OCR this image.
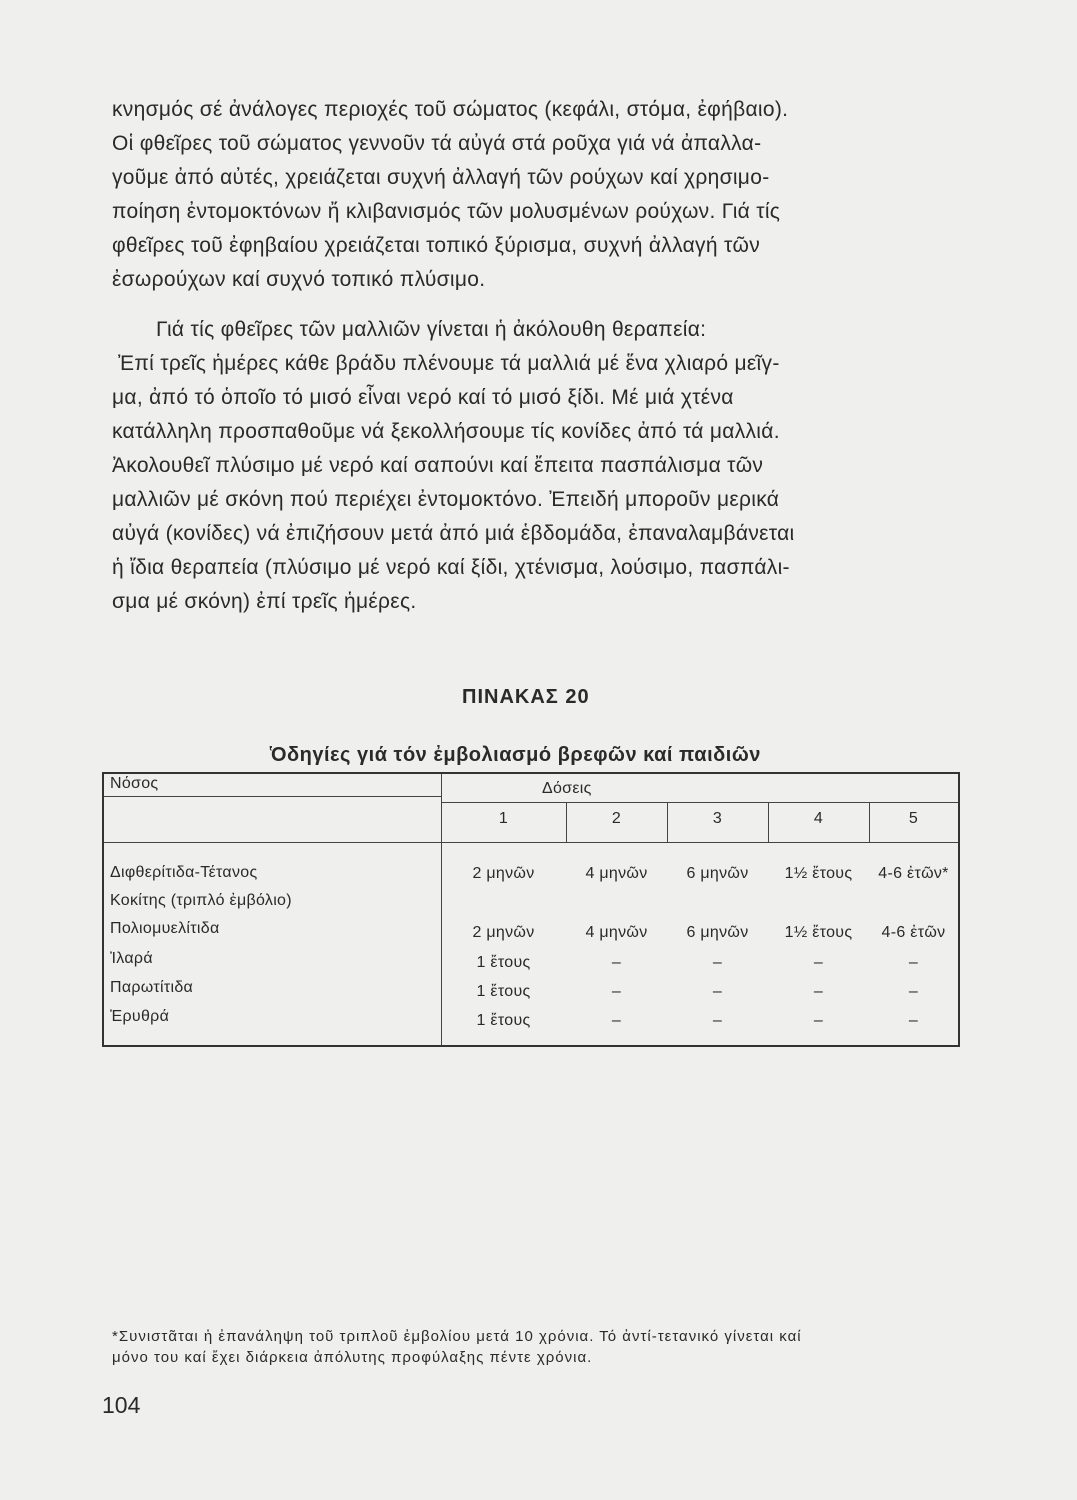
κνησμός σέ ἀνάλογες περιοχές τοῦ σώματος (κεφάλι, στόμα, ἐφήβαιο).
Οἱ φθεῖρες τοῦ σώματος γεννοῦν τά αὐγά στά ροῦχα γιά νά ἀπαλλα-
γοῦμε ἀπό αὐτές, χρειάζεται συχνή ἀλλαγή τῶν ρούχων καί χρησιμο-
ποίηση ἐντομοκτόνων ἤ κλιβανισμός τῶν μολυσμένων ρούχων. Γιά τίς
φθεῖρες τοῦ ἐφηβαίου χρειάζεται τοπικό ξύρισμα, συχνή ἀλλαγή τῶν
ἐσωρούχων καί συχνό τοπικό πλύσιμο.

Γιά τίς φθεῖρες τῶν μαλλιῶν γίνεται ἡ ἀκόλουθη θεραπεία:
Ἐπί τρεῖς ἡμέρες κάθε βράδυ πλένουμε τά μαλλιά μέ ἕνα χλιαρό μεῖγ-
μα, ἀπό τό ὁποῖο τό μισό εἶναι νερό καί τό μισό ξίδι. Μέ μιά χτένα
κατάλληλη προσπαθοῦμε νά ξεκολλήσουμε τίς κονίδες ἀπό τά μαλλιά.
Ἀκολουθεῖ πλύσιμο μέ νερό καί σαπούνι καί ἔπειτα πασπάλισμα τῶν
μαλλιῶν μέ σκόνη πού περιέχει ἐντομοκτόνο. Ἐπειδή μποροῦν μερικά
αὐγά (κονίδες) νά ἐπιζήσουν μετά ἀπό μιά ἑβδομάδα, ἐπαναλαμβάνεται
ἡ ἴδια θεραπεία (πλύσιμο μέ νερό καί ξίδι, χτένισμα, λούσιμο, πασπάλι-
σμα μέ σκόνη) ἐπί τρεῖς ἡμέρες.

ΠΙΝΑΚΑΣ 20

Ὁδηγίες γιά τόν ἐμβολιασμό βρεφῶν καί παιδιῶν

Νόσος	Δόσεις
1	2	3	4	5
Διφθερίτιδα-Τέτανος	2 μηνῶν	4 μηνῶν	6 μηνῶν	1½ ἔτους	4-6 ἐτῶν*
Κοκίτης (τριπλό ἐμβόλιο)
Πολιομυελίτιδα	2 μηνῶν	4 μηνῶν	6 μηνῶν	1½ ἔτους	4-6 ἐτῶν
Ἰλαρά	1 ἔτους	–	–	–	–
Παρωτίτιδα	1 ἔτους	–	–	–	–
Ἐρυθρά	1 ἔτους	–	–	–	–

*Συνιστᾶται ἡ ἐπανάληψη τοῦ τριπλοῦ ἐμβολίου μετά 10 χρόνια. Τό ἀντί-τετανικό γίνεται καί

μόνο του καί ἔχει διάρκεια ἀπόλυτης προφύλαξης πέντε χρόνια.

104
